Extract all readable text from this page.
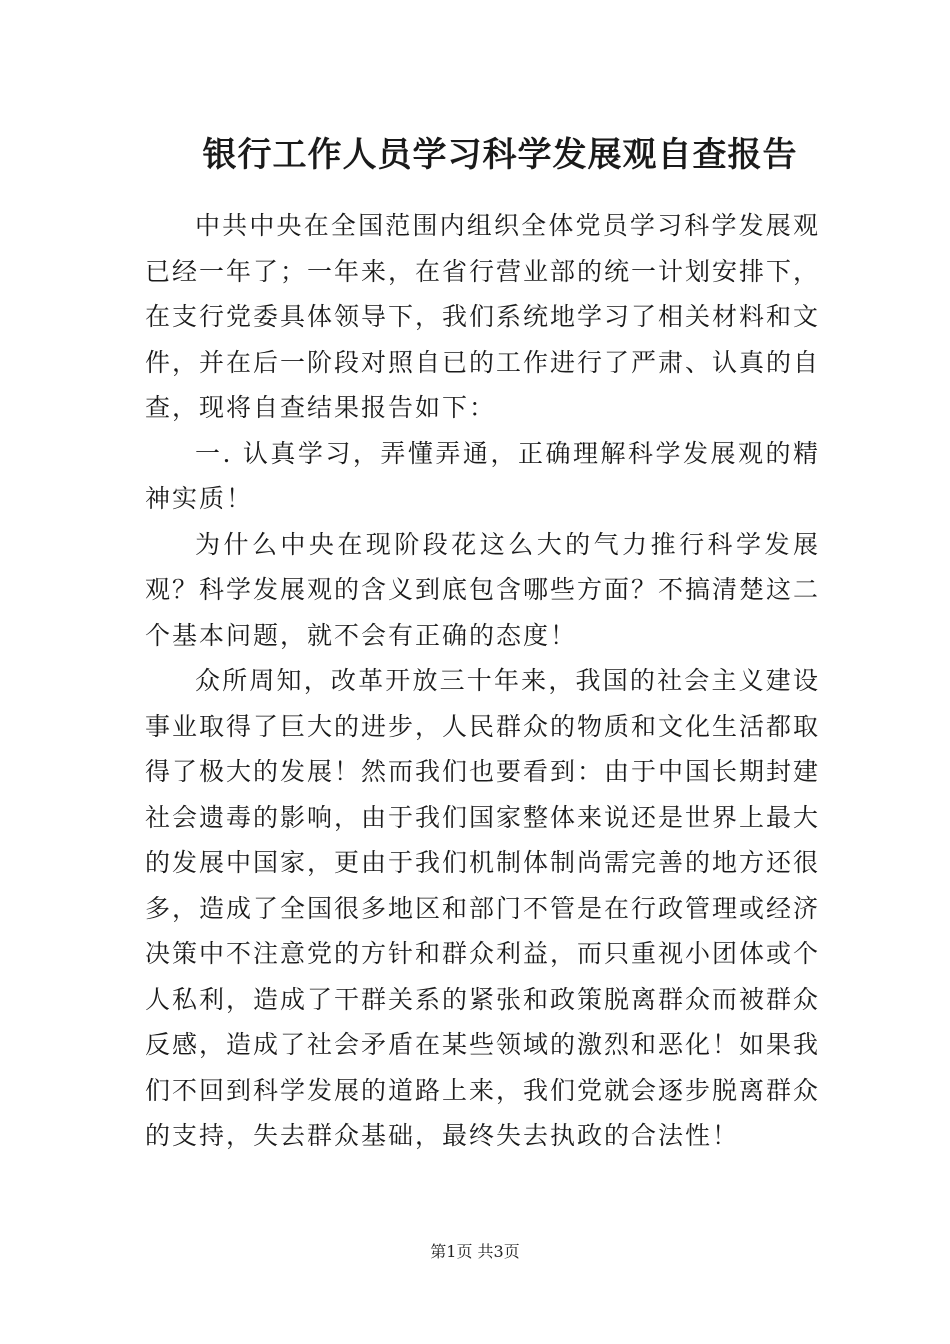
银行工作人员学习科学发展观自查报告

中共中央在全国范围内组织全体党员学习科学发展观已经一年了；一年来，在省行营业部的统一计划安排下，在支行党委具体领导下，我们系统地学习了相关材料和文件，并在后一阶段对照自已的工作进行了严肃、认真的自查，现将自查结果报告如下：

一. 认真学习，弄懂弄通，正确理解科学发展观的精神实质！

为什么中央在现阶段花这么大的气力推行科学发展观？科学发展观的含义到底包含哪些方面？不搞清楚这二个基本问题，就不会有正确的态度！

众所周知，改革开放三十年来，我国的社会主义建设事业取得了巨大的进步，人民群众的物质和文化生活都取得了极大的发展！然而我们也要看到：由于中国长期封建社会遗毒的影响，由于我们国家整体来说还是世界上最大的发展中国家，更由于我们机制体制尚需完善的地方还很多，造成了全国很多地区和部门不管是在行政管理或经济决策中不注意党的方针和群众利益，而只重视小团体或个人私利，造成了干群关系的紧张和政策脱离群众而被群众反感，造成了社会矛盾在某些领域的激烈和恶化！如果我们不回到科学发展的道路上来，我们党就会逐步脱离群众的支持，失去群众基础，最终失去执政的合法性！

第1页 共3页
